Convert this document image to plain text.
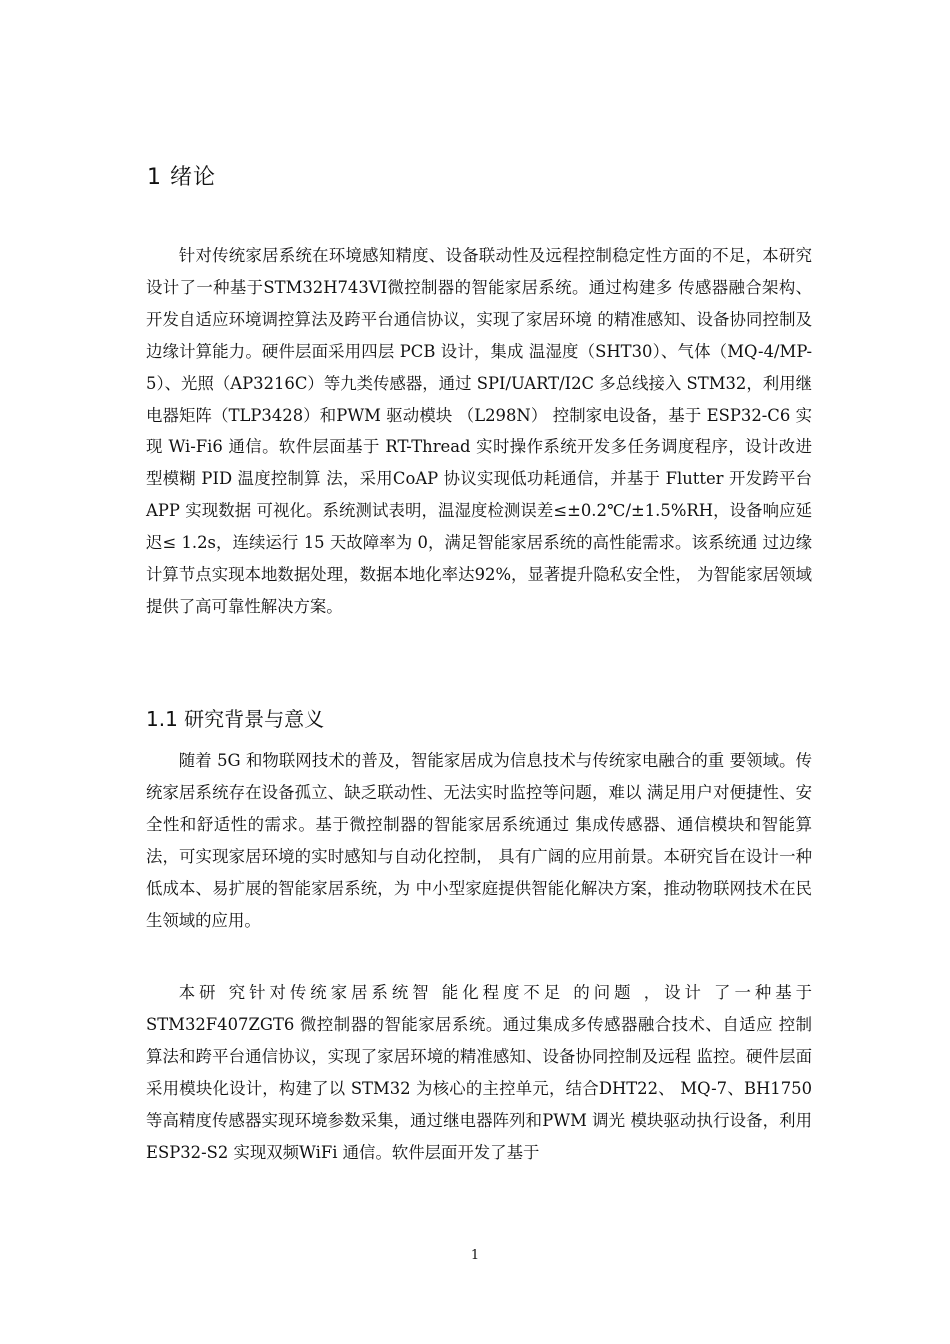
1 绪论
针对传统家居系统在环境感知精度、设备联动性及远程控制稳定性方面的不足，本研究设计了一种基于STM32H743VI微控制器的智能家居系统。通过构建多 传感器融合架构、开发自适应环境调控算法及跨平台通信协议，实现了家居环境 的精准感知、设备协同控制及边缘计算能力。硬件层面采用四层 PCB 设计，集成 温湿度（SHT30）、气体（MQ-4/MP-5）、光照（AP3216C）等九类传感器，通过 SPI/UART/I2C 多总线接入 STM32，利用继电器矩阵（TLP3428）和PWM 驱动模块 （L298N） 控制家电设备，基于 ESP32-C6 实现 Wi-Fi6 通信。软件层面基于 RT-Thread 实时操作系统开发多任务调度程序，设计改进型模糊 PID 温度控制算 法，采用CoAP 协议实现低功耗通信，并基于 Flutter 开发跨平台 APP 实现数据 可视化。系统测试表明，温湿度检测误差≤±0.2℃/±1.5%RH，设备响应延迟≤ 1.2s，连续运行 15 天故障率为 0，满足智能家居系统的高性能需求。该系统通 过边缘计算节点实现本地数据处理，数据本地化率达92%，显著提升隐私安全性， 为智能家居领域提供了高可靠性解决方案。
1.1 研究背景与意义
随着 5G 和物联网技术的普及，智能家居成为信息技术与传统家电融合的重 要领域。传统家居系统存在设备孤立、缺乏联动性、无法实时监控等问题，难以 满足用户对便捷性、安全性和舒适性的需求。基于微控制器的智能家居系统通过 集成传感器、通信模块和智能算法，可实现家居环境的实时感知与自动化控制， 具有广阔的应用前景。本研究旨在设计一种低成本、易扩展的智能家居系统，为 中小型家庭提供智能化解决方案，推动物联网技术在民生领域的应用。
本研 究针对传统家居系统智 能化程度不足 的问题 ，设计 了一种基于 STM32F407ZGT6 微控制器的智能家居系统。通过集成多传感器融合技术、自适应 控制算法和跨平台通信协议，实现了家居环境的精准感知、设备协同控制及远程 监控。硬件层面采用模块化设计，构建了以 STM32 为核心的主控单元，结合DHT22、 MQ-7、BH1750 等高精度传感器实现环境参数采集，通过继电器阵列和PWM 调光 模块驱动执行设备，利用ESP32-S2 实现双频WiFi 通信。软件层面开发了基于
1
